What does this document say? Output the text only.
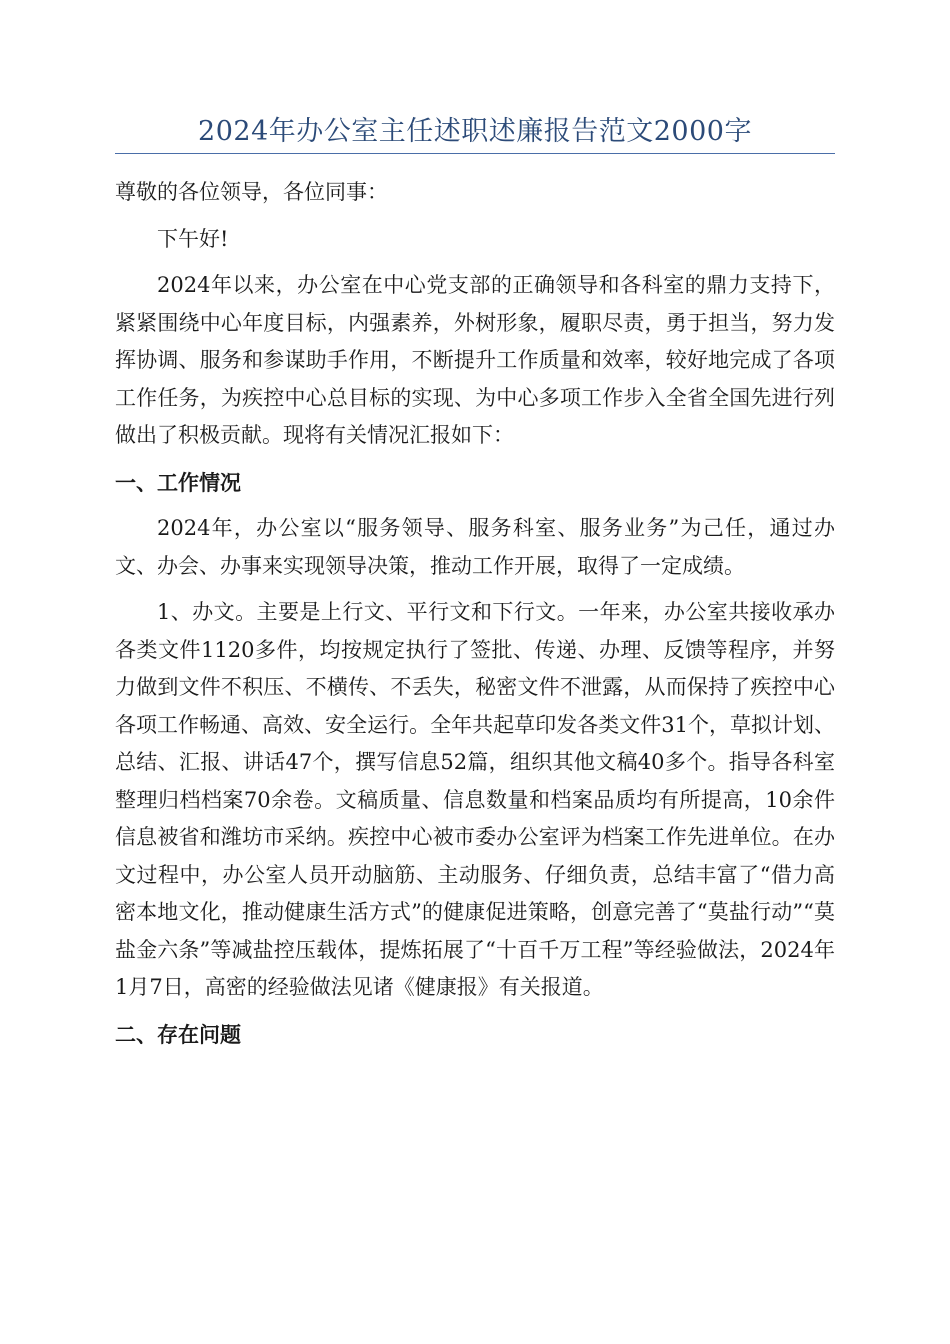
2024年办公室主任述职述廉报告范文2000字

尊敬的各位领导，各位同事：

下午好!

2024年以来，办公室在中心党支部的正确领导和各科室的鼎力支持下，紧紧围绕中心年度目标，内强素养，外树形象，履职尽责，勇于担当，努力发挥协调、服务和参谋助手作用，不断提升工作质量和效率，较好地完成了各项工作任务，为疾控中心总目标的实现、为中心多项工作步入全省全国先进行列做出了积极贡献。现将有关情况汇报如下：

一、工作情况

2024年，办公室以“服务领导、服务科室、服务业务”为己任，通过办文、办会、办事来实现领导决策，推动工作开展，取得了一定成绩。

1、办文。主要是上行文、平行文和下行文。一年来，办公室共接收承办各类文件1120多件，均按规定执行了签批、传递、办理、反馈等程序，并努力做到文件不积压、不横传、不丢失，秘密文件不泄露，从而保持了疾控中心各项工作畅通、高效、安全运行。全年共起草印发各类文件31个，草拟计划、总结、汇报、讲话47个，撰写信息52篇，组织其他文稿40多个。指导各科室整理归档档案70余卷。文稿质量、信息数量和档案品质均有所提高，10余件信息被省和潍坊市采纳。疾控中心被市委办公室评为档案工作先进单位。在办文过程中，办公室人员开动脑筋、主动服务、仔细负责，总结丰富了“借力高密本地文化，推动健康生活方式”的健康促进策略，创意完善了“莫盐行动”“莫盐金六条”等减盐控压载体，提炼拓展了“十百千万工程”等经验做法，2024年1月7日，高密的经验做法见诸《健康报》有关报道。

二、存在问题
